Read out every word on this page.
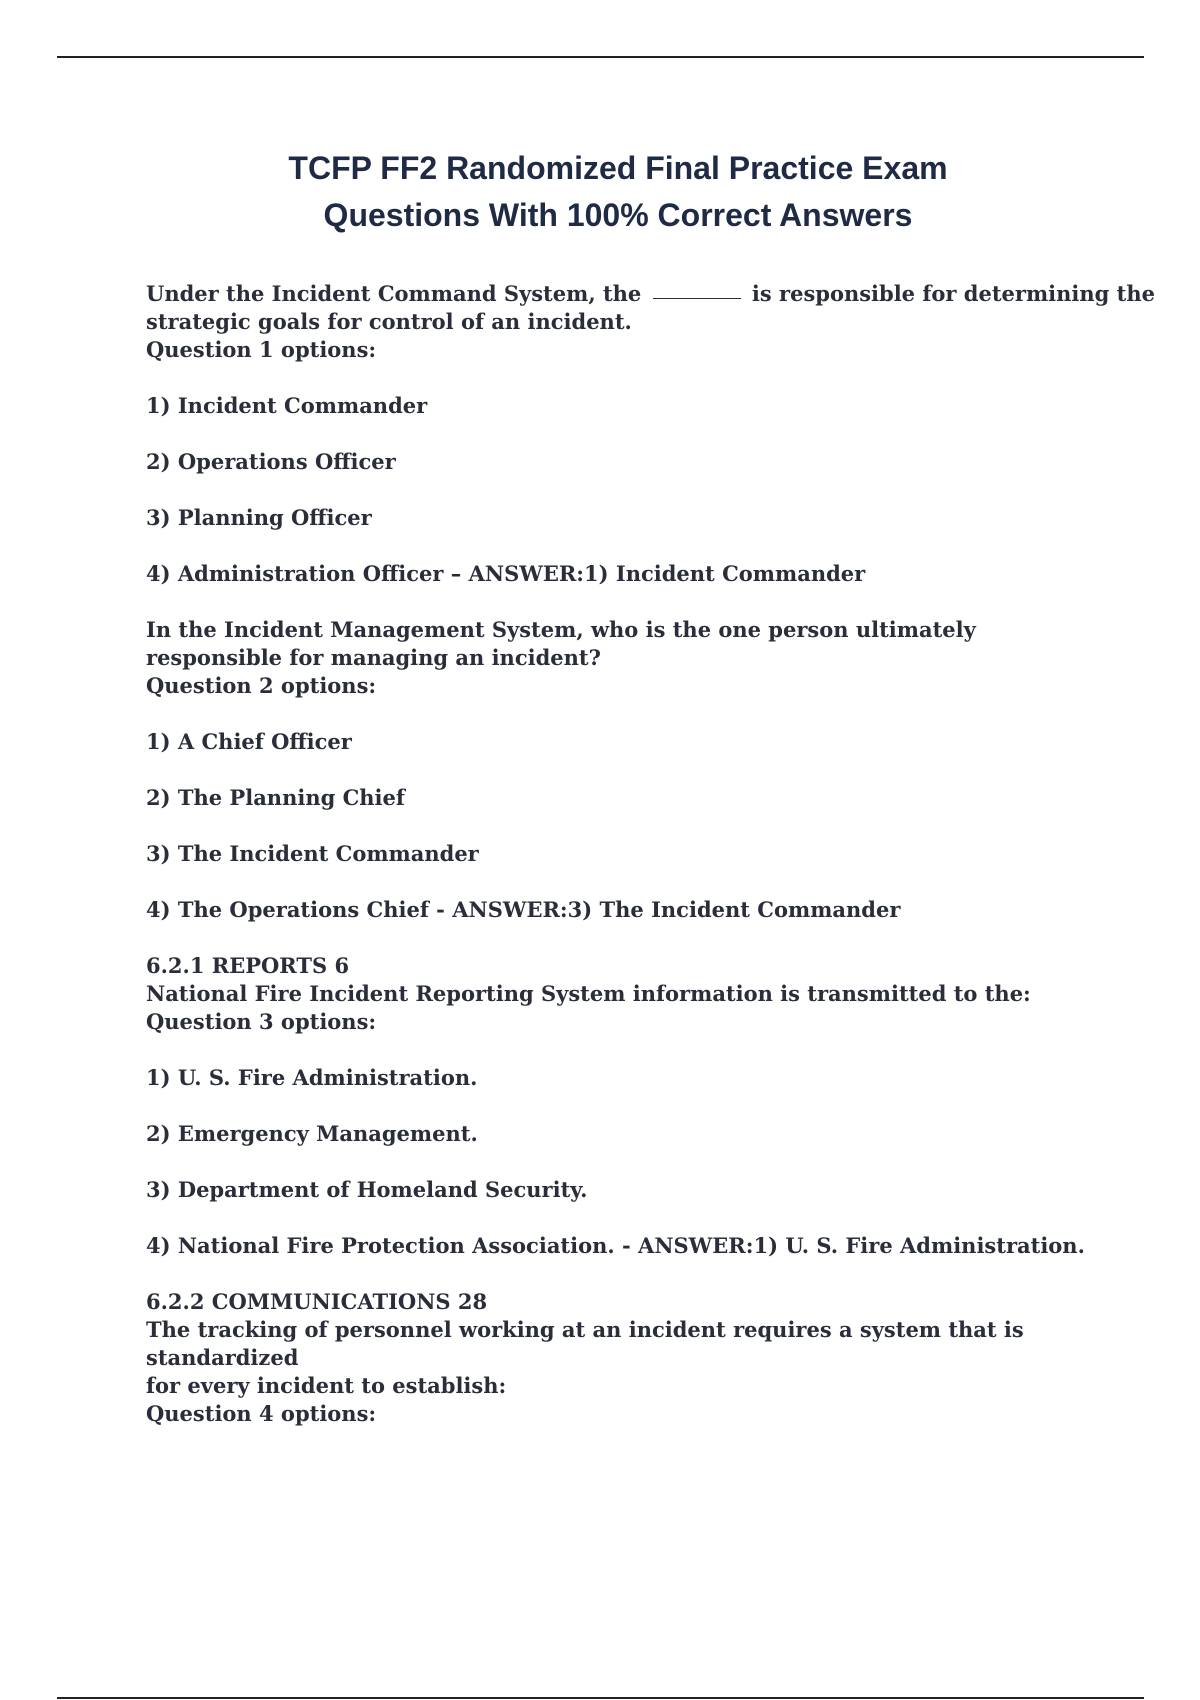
TCFP FF2 Randomized Final Practice Exam
Questions With 100% Correct Answers
Under the Incident Command System, the	is responsible for determining the
strategic goals for control of an incident.
Question 1 options:
1) Incident Commander
2) Operations Officer
3) Planning Officer
4) Administration Officer – ANSWER:1) Incident Commander
In the Incident Management System, who is the one person ultimately
responsible for managing an incident?
Question 2 options:
1) A Chief Officer
2) The Planning Chief
3) The Incident Commander
4) The Operations Chief - ANSWER:3) The Incident Commander
6.2.1 REPORTS 6
National Fire Incident Reporting System information is transmitted to the:
Question 3 options:
1) U. S. Fire Administration.
2) Emergency Management.
3) Department of Homeland Security.
4) National Fire Protection Association. - ANSWER:1) U. S. Fire Administration.
6.2.2 COMMUNICATIONS 28
The tracking of personnel working at an incident requires a system that is
standardized
for every incident to establish:
Question 4 options:
